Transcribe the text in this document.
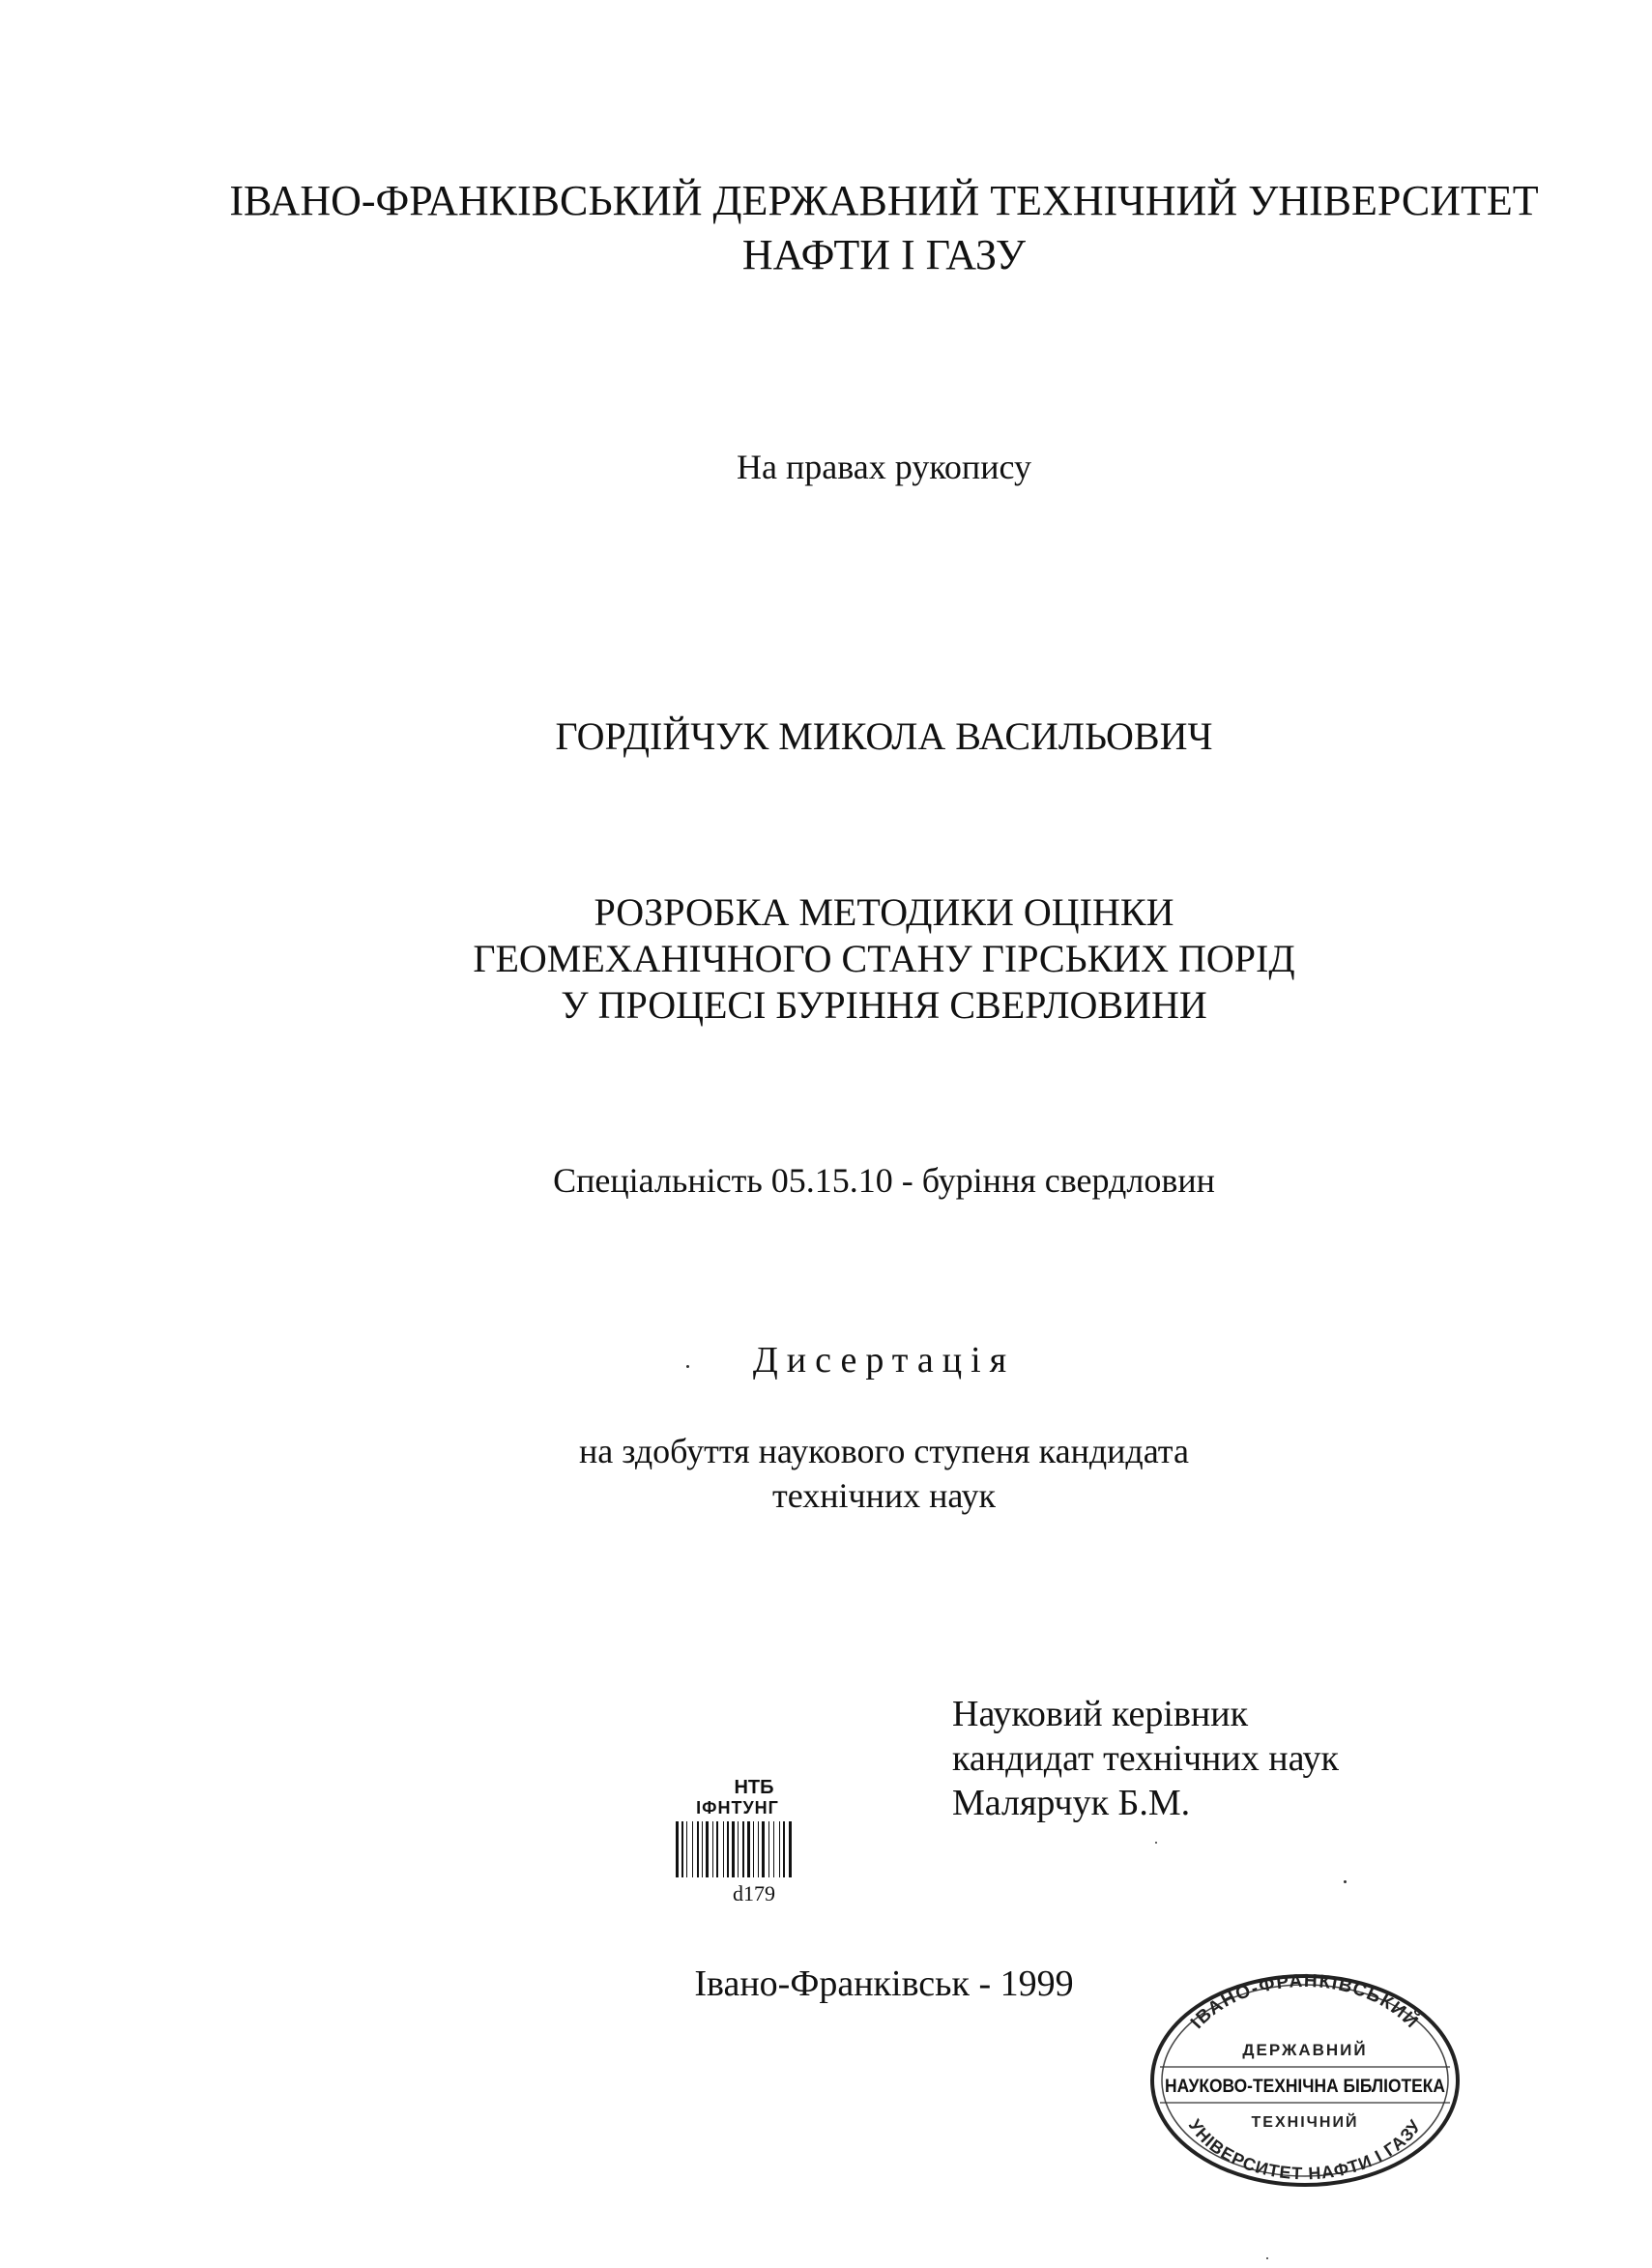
ІВАНО-ФРАНКІВСЬКИЙ ДЕРЖАВНИЙ ТЕХНІЧНИЙ УНІВЕРСИТЕТ
НАФТИ І ГАЗУ
На правах рукопису
ГОРДІЙЧУК МИКОЛА ВАСИЛЬОВИЧ
РОЗРОБКА МЕТОДИКИ ОЦІНКИ
ГЕОМЕХАНІЧНОГО СТАНУ ГІРСЬКИХ ПОРІД
У ПРОЦЕСІ БУРІННЯ СВЕРЛОВИНИ
Спеціальність 05.15.10 - буріння свердловин
Дисертація
на здобуття наукового ступеня кандидата
технічних наук
Науковий керівник
кандидат технічних наук
Малярчук Б.М.
НТБ
ІФНТУНГ
d179
Івано-Франківськ - 1999
ІВАНО-ФРАНКІВСЬКИЙ
ДЕРЖАВНИЙ
НАУКОВО-ТЕХНІЧНА БІБЛІОТЕКА
ТЕХНІЧНИЙ
УНІВЕРСИТЕТ НАФТИ І ГАЗУ
